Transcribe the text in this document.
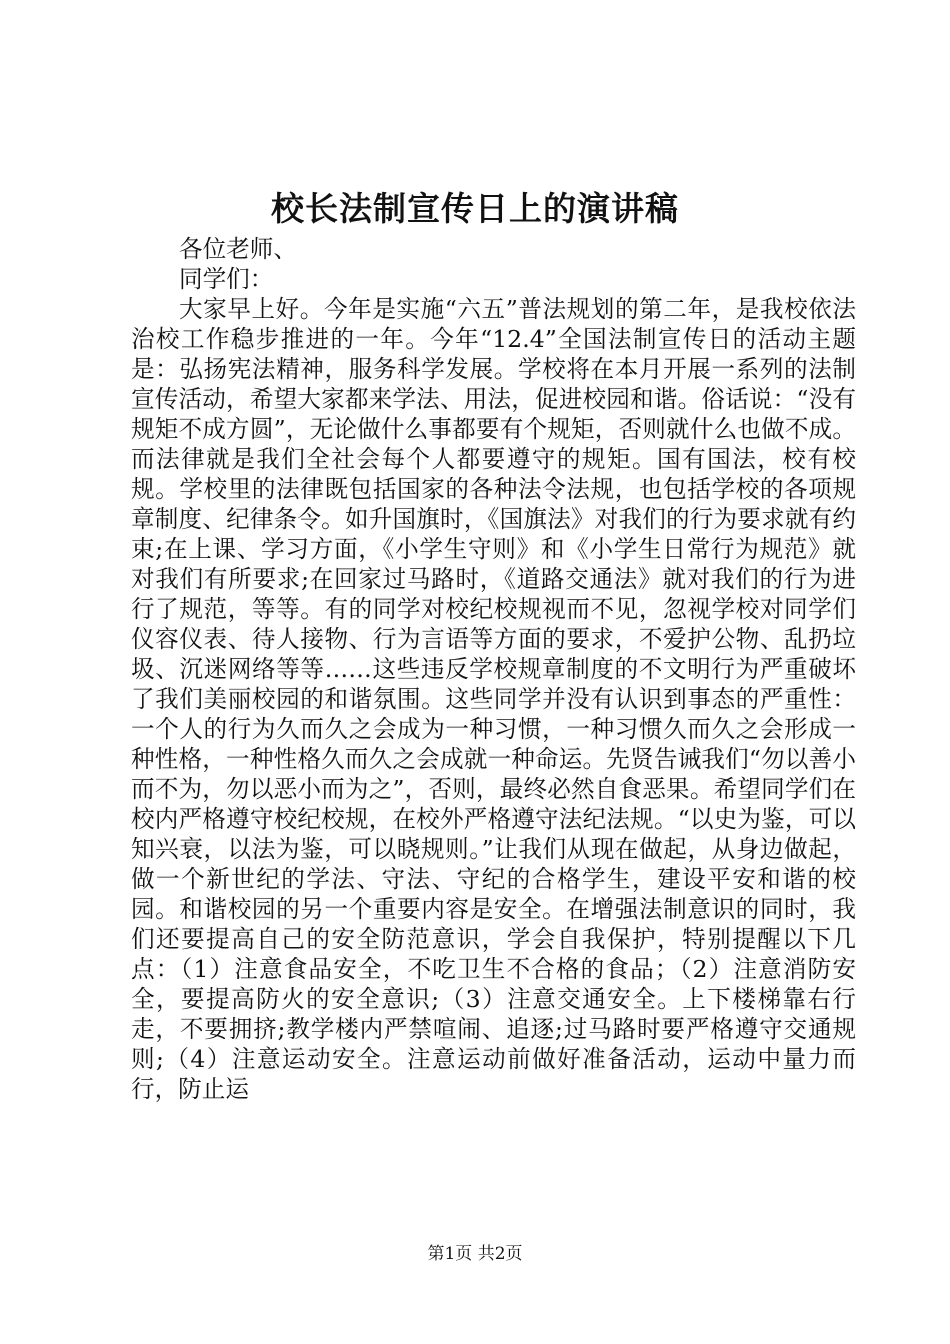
校长法制宣传日上的演讲稿

各位老师、

同学们：

大家早上好。今年是实施“六五”普法规划的第二年，是我校依法治校工作稳步推进的一年。今年“12.4”全国法制宣传日的活动主题是：弘扬宪法精神，服务科学发展。学校将在本月开展一系列的法制宣传活动，希望大家都来学法、用法，促进校园和谐。俗话说：“没有规矩不成方圆”，无论做什么事都要有个规矩，否则就什么也做不成。而法律就是我们全社会每个人都要遵守的规矩。国有国法，校有校规。学校里的法律既包括国家的各种法令法规，也包括学校的各项规章制度、纪律条令。如升国旗时，《国旗法》对我们的行为要求就有约束;在上课、学习方面，《小学生守则》和《小学生日常行为规范》就对我们有所要求;在回家过马路时，《道路交通法》就对我们的行为进行了规范，等等。有的同学对校纪校规视而不见，忽视学校对同学们仪容仪表、待人接物、行为言语等方面的要求，不爱护公物、乱扔垃圾、沉迷网络等等……这些违反学校规章制度的不文明行为严重破坏了我们美丽校园的和谐氛围。这些同学并没有认识到事态的严重性：一个人的行为久而久之会成为一种习惯，一种习惯久而久之会形成一种性格，一种性格久而久之会成就一种命运。先贤告诫我们“勿以善小而不为，勿以恶小而为之”，否则，最终必然自食恶果。希望同学们在校内严格遵守校纪校规，在校外严格遵守法纪法规。“以史为鉴，可以知兴衰，以法为鉴，可以晓规则。”让我们从现在做起，从身边做起，做一个新世纪的学法、守法、守纪的合格学生，建设平安和谐的校园。和谐校园的另一个重要内容是安全。在增强法制意识的同时，我们还要提高自己的安全防范意识，学会自我保护，特别提醒以下几点：（1）注意食品安全，不吃卫生不合格的食品；（2）注意消防安全，要提高防火的安全意识;（3）注意交通安全。上下楼梯靠右行走，不要拥挤;教学楼内严禁喧闹、追逐;过马路时要严格遵守交通规则;（4）注意运动安全。注意运动前做好准备活动，运动中量力而行，防止运

第1页 共2页
